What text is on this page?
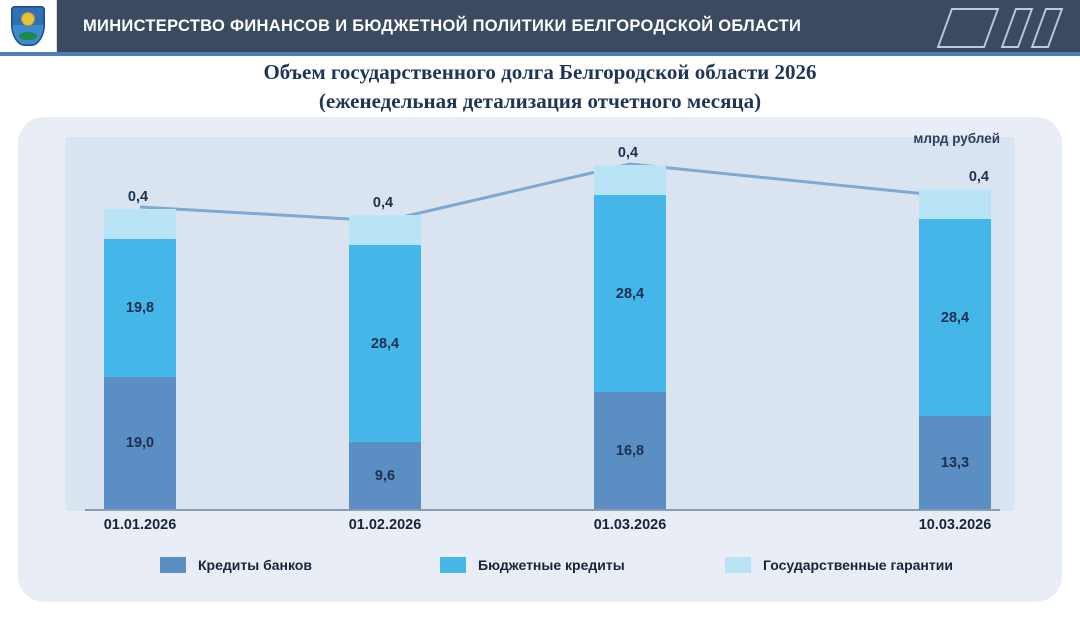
МИНИСТЕРСТВО ФИНАНСОВ И БЮДЖЕТНОЙ ПОЛИТИКИ БЕЛГОРОДСКОЙ ОБЛАСТИ
Объем государственного долга Белгородской области 2026
(еженедельная детализация отчетного месяца)
млрд рублей
19,0
19,8
0,4
9,6
28,4
0,4
16,8
28,4
0,4
13,3
28,4
0,4
01.01.2026	01.02.2026	01.03.2026	10.03.2026
Кредиты банков	Бюджетные кредиты	Государственные гарантии
